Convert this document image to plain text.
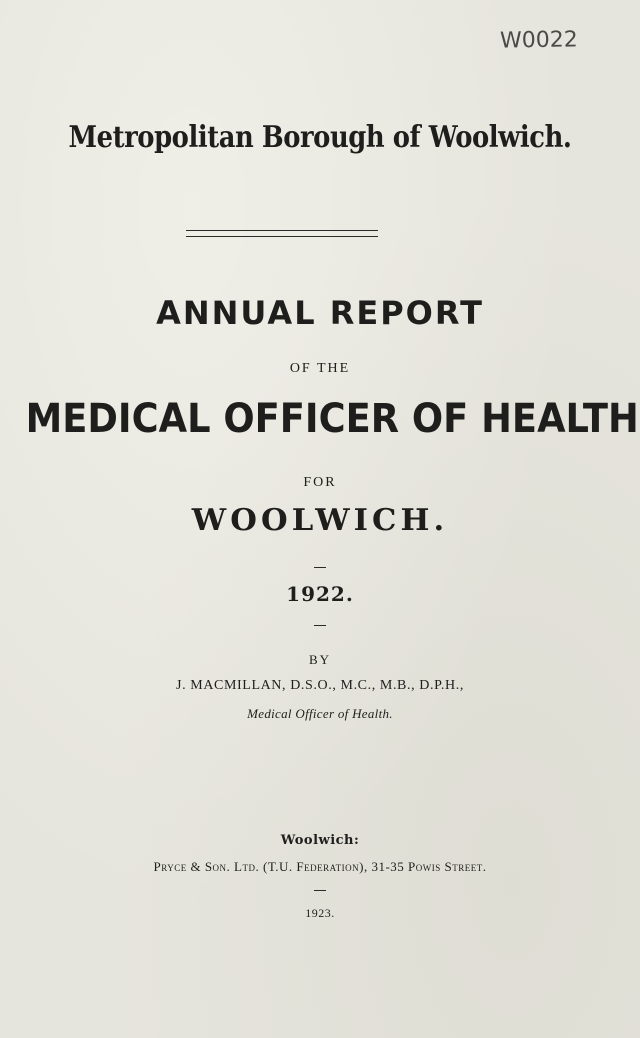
W0022
Metropolitan Borough of Woolwich.
ANNUAL REPORT
OF THE
MEDICAL OFFICER OF HEALTH
FOR
WOOLWICH.
1922.
BY
J. MACMILLAN, D.S.O., M.C., M.B., D.P.H.,
Medical Officer of Health.
Woolwich:
Pryce & Son. Ltd. (T.U. Federation), 31-35 Powis Street.
1923.
